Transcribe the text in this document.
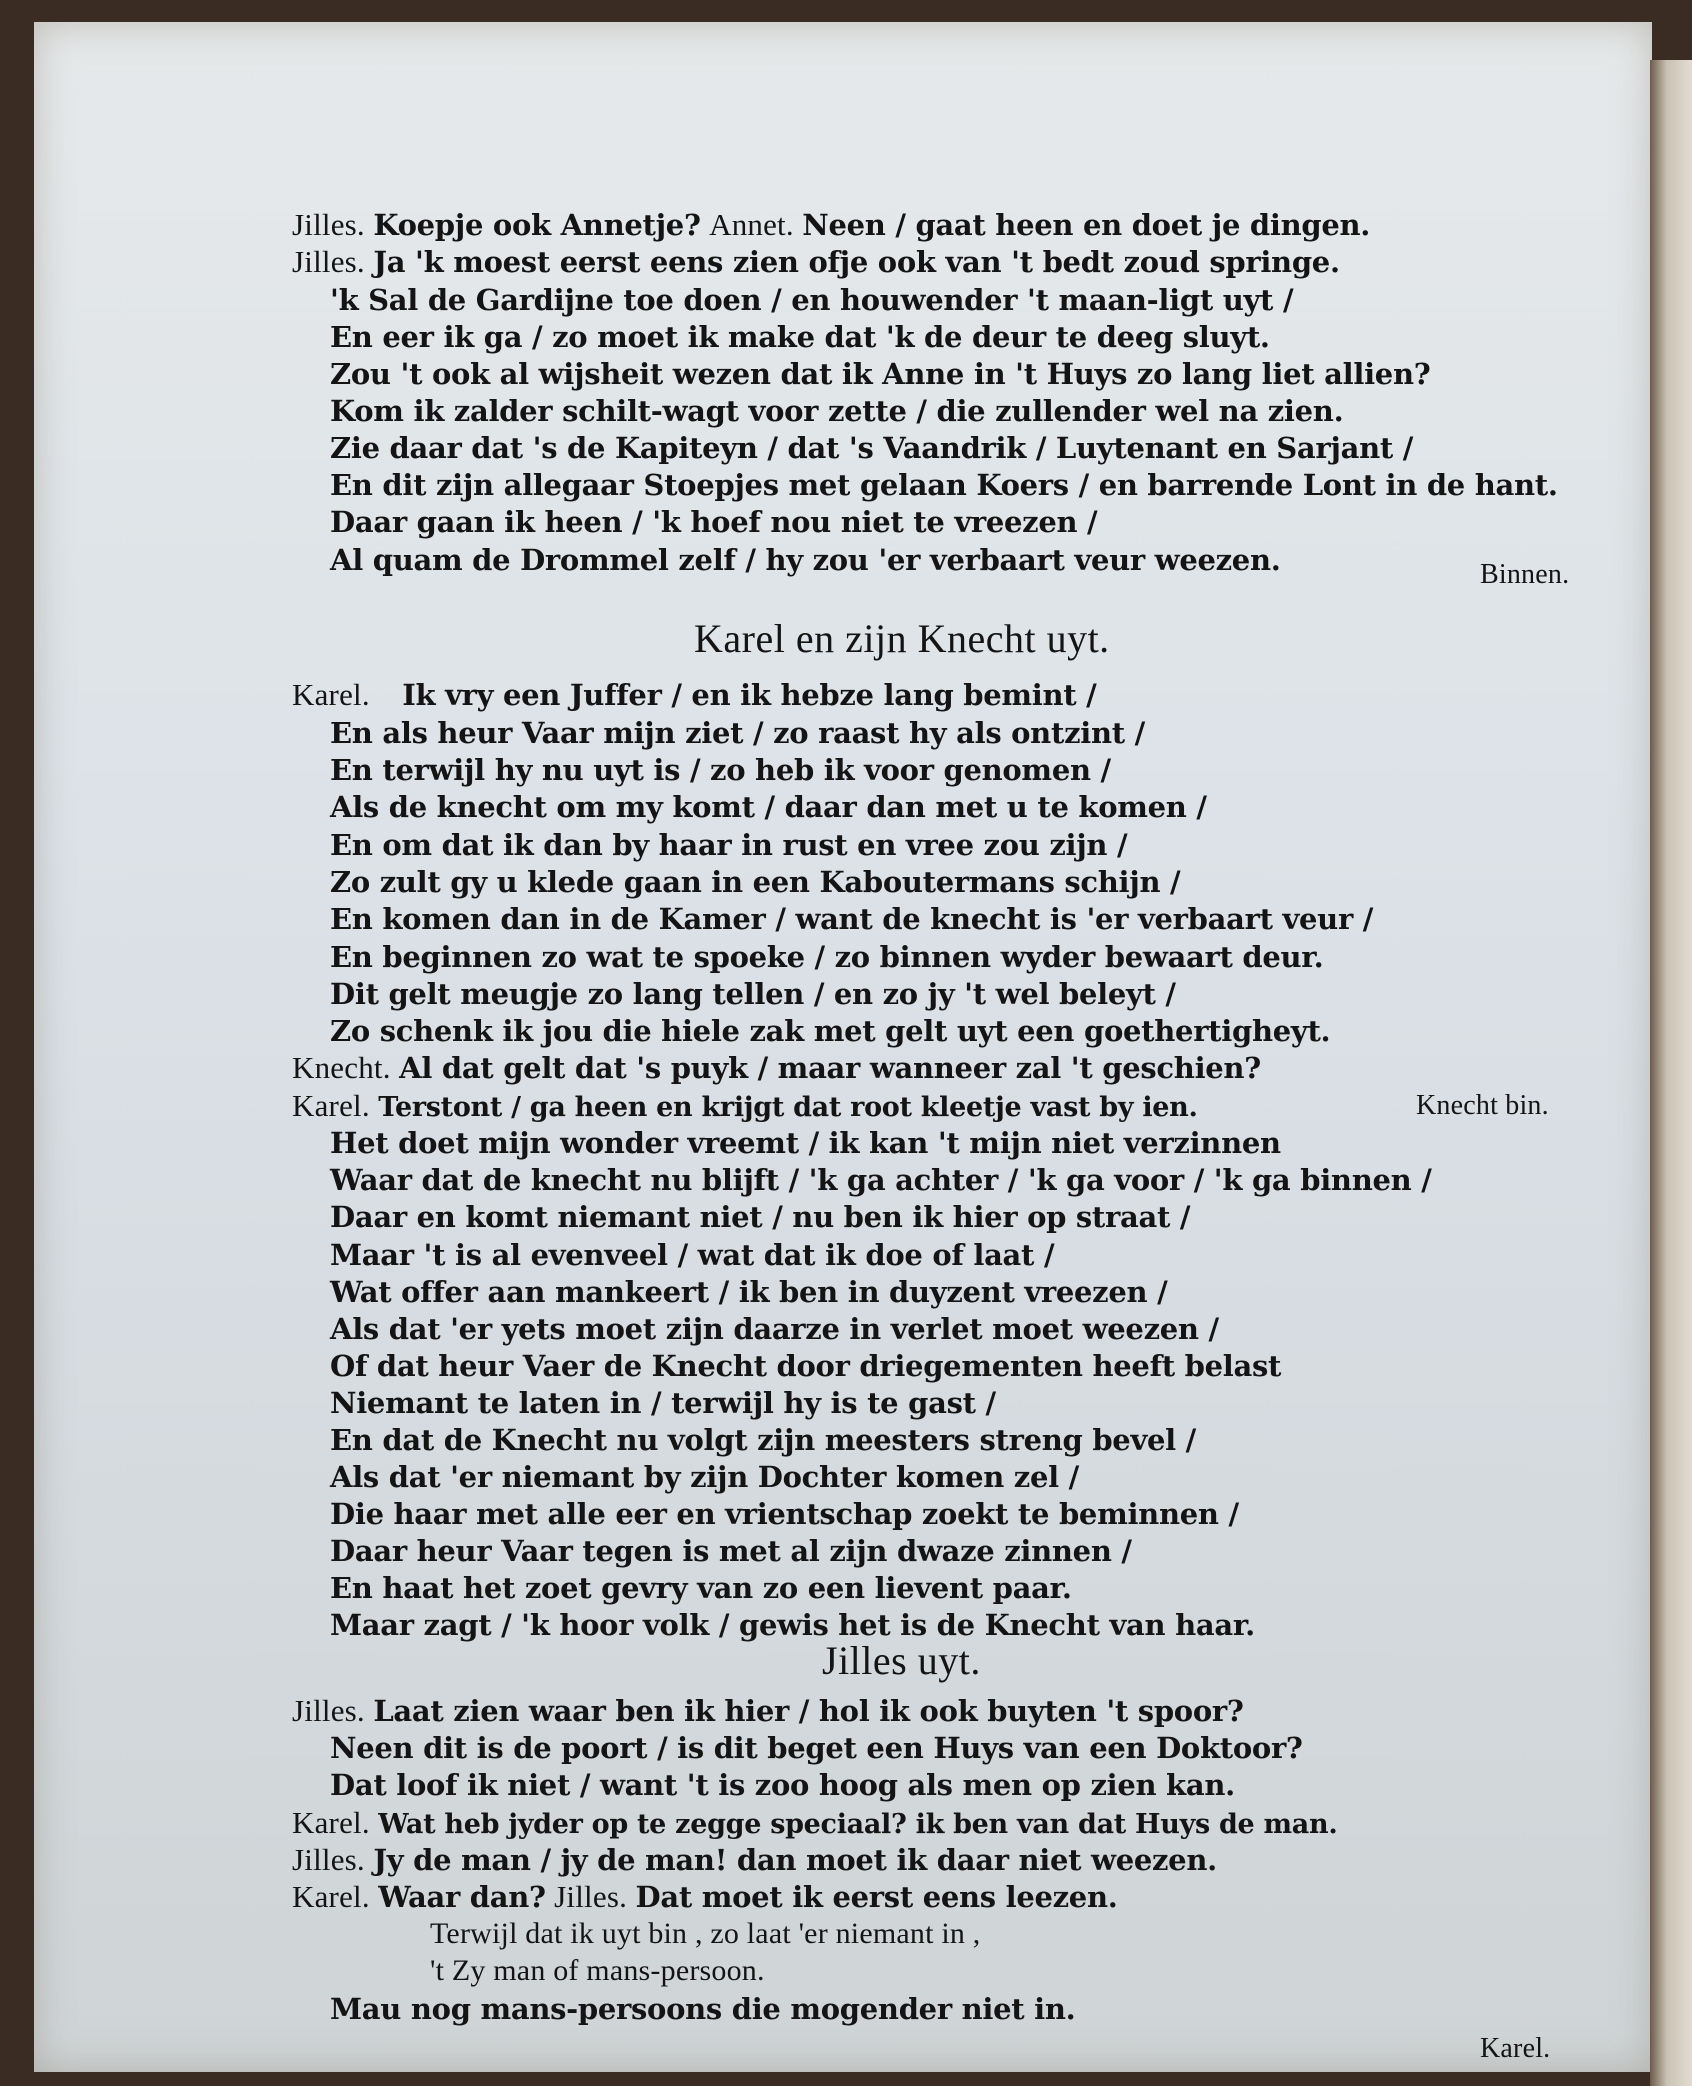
Jilles. Koepje ook Annetje? Annet. Neen / gaat heen en doet je dingen.
Jilles. Ja 'k moest eerst eens zien ofje ook van 't bedt zoud springe.
'k Sal de Gardijne toe doen / en houwender 't maan-ligt uyt /
En eer ik ga / zo moet ik make dat 'k de deur te deeg sluyt.
Zou 't ook al wijsheit wezen dat ik Anne in 't Huys zo lang liet allien?
Kom ik zalder schilt-wagt voor zette / die zullender wel na zien.
Zie daar dat 's de Kapiteyn / dat 's Vaandrik / Luytenant en Sarjant /
En dit zijn allegaar Stoepjes met gelaan Koers / en barrende Lont in de hant.
Daar gaan ik heen / 'k hoef nou niet te vreezen /
Al quam de Drommel zelf / hy zou 'er verbaart veur weezen.	Binnen.
Karel en zijn Knecht uyt.
Karel. Ik vry een Juffer / en ik hebze lang bemint /
En als heur Vaar mijn ziet / zo raast hy als ontzint /
En terwijl hy nu uyt is / zo heb ik voor genomen /
Als de knecht om my komt / daar dan met u te komen /
En om dat ik dan by haar in rust en vree zou zijn /
Zo zult gy u klede gaan in een Kaboutermans schijn /
En komen dan in de Kamer / want de knecht is 'er verbaart veur /
En beginnen zo wat te spoeke / zo binnen wyder bewaart deur.
Dit gelt meugje zo lang tellen / en zo jy 't wel beleyt /
Zo schenk ik jou die hiele zak met gelt uyt een goethertigheyt.
Knecht. Al dat gelt dat 's puyk / maar wanneer zal 't geschien?
Karel. Terstont / ga heen en krijgt dat root kleetje vast by ien.	Knecht bin.
Het doet mijn wonder vreemt / ik kan 't mijn niet verzinnen
Waar dat de knecht nu blijft / 'k ga achter / 'k ga voor / 'k ga binnen /
Daar en komt niemant niet / nu ben ik hier op straat /
Maar 't is al evenveel / wat dat ik doe of laat /
Wat offer aan mankeert / ik ben in duyzent vreezen /
Als dat 'er yets moet zijn daarze in verlet moet weezen /
Of dat heur Vaer de Knecht door driegementen heeft belast
Niemant te laten in / terwijl hy is te gast /
En dat de Knecht nu volgt zijn meesters streng bevel /
Als dat 'er niemant by zijn Dochter komen zel /
Die haar met alle eer en vrientschap zoekt te beminnen /
Daar heur Vaar tegen is met al zijn dwaze zinnen /
En haat het zoet gevry van zo een lievent paar.
Maar zagt / 'k hoor volk / gewis het is de Knecht van haar.
Jilles uyt.
Jilles. Laat zien waar ben ik hier / hol ik ook buyten 't spoor?
Neen dit is de poort / is dit beget een Huys van een Doktoor?
Dat loof ik niet / want 't is zoo hoog als men op zien kan.
Karel. Wat heb jyder op te zegge speciaal? ik ben van dat Huys de man.
Jilles. Jy de man / jy de man! dan moet ik daar niet weezen.
Karel. Waar dan? Jilles. Dat moet ik eerst eens leezen.
Terwijl dat ik uyt bin , zo laat 'er niemant in ,
't Zy man of mans-persoon.
Mau nog mans-persoons die mogender niet in.
Karel.
